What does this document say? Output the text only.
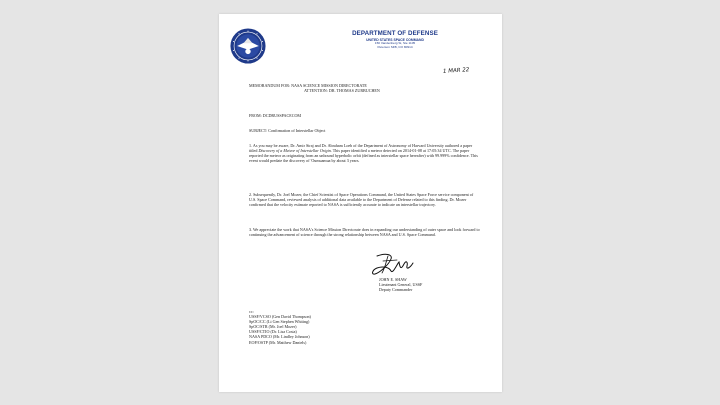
DEPARTMENT OF DEFENSE
UNITED STATES SPACE COMMAND
150 Vandenberg St, Ste 1105
Peterson SFB, CO 80914
1 MAR 22
MEMORANDUM FOR: NASA SCIENCE MISSION DIRECTORATE
ATTENTION: DR. THOMAS ZURBUCHEN
FROM: DCDRUSSPACECOM
SUBJECT: Confirmation of Interstellar Object
1. As you may be aware, Dr. Amir Siraj and Dr. Abraham Loeb of the Department of Astronomy of Harvard University authored a paper titled Discovery of a Meteor of Interstellar Origin. This paper identified a meteor detected on 2014-01-08 at 17:05:34 UTC. The paper reported the meteor as originating from an unbound hyperbolic orbit (defined as interstellar space hereafter) with 99.999% confidence. This event would predate the discovery of 'Oumuamua by about 3 years.
2. Subsequently, Dr. Joel Mozer, the Chief Scientist of Space Operations Command, the United States Space Force service component of U.S. Space Command, reviewed analysis of additional data available to the Department of Defense related to this finding. Dr. Mozer confirmed that the velocity estimate reported to NASA is sufficiently accurate to indicate an interstellar trajectory.
3. We appreciate the work that NASA's Science Mission Directorate does in expanding our understanding of outer space and look forward to continuing the advancement of science through the strong relationship between NASA and U.S. Space Command.
JOHN E. SHAW
Lieutenant General, USSF
Deputy Commander
cc:
USSF/VCSO (Gen David Thompson)
SpOC/CC (Lt Gen Stephen Whiting)
SpOC/STR (Mr. Joel Mozer)
USSF/CTIO (Dr. Lisa Costa)
NASA PDCO (Mr. Lindley Johnson)
EOP/OSTP (Mr. Matthew Daniels)
